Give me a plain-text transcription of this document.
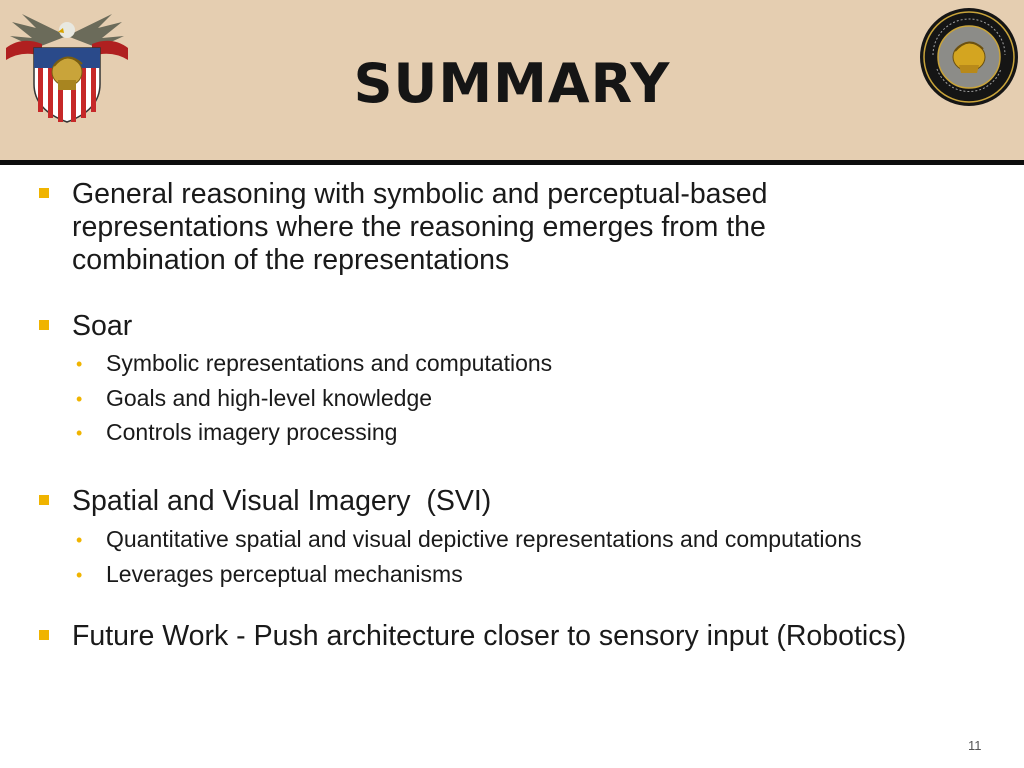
SUMMARY
General reasoning with symbolic and perceptual-based
representations where the reasoning emerges from the
combination of the representations
Soar
• Symbolic representations and computations
• Goals and high-level knowledge
• Controls imagery processing
Spatial and Visual Imagery  (SVI)
• Quantitative spatial and visual depictive representations and computations
• Leverages perceptual mechanisms
Future Work - Push architecture closer to sensory input (Robotics)
11
